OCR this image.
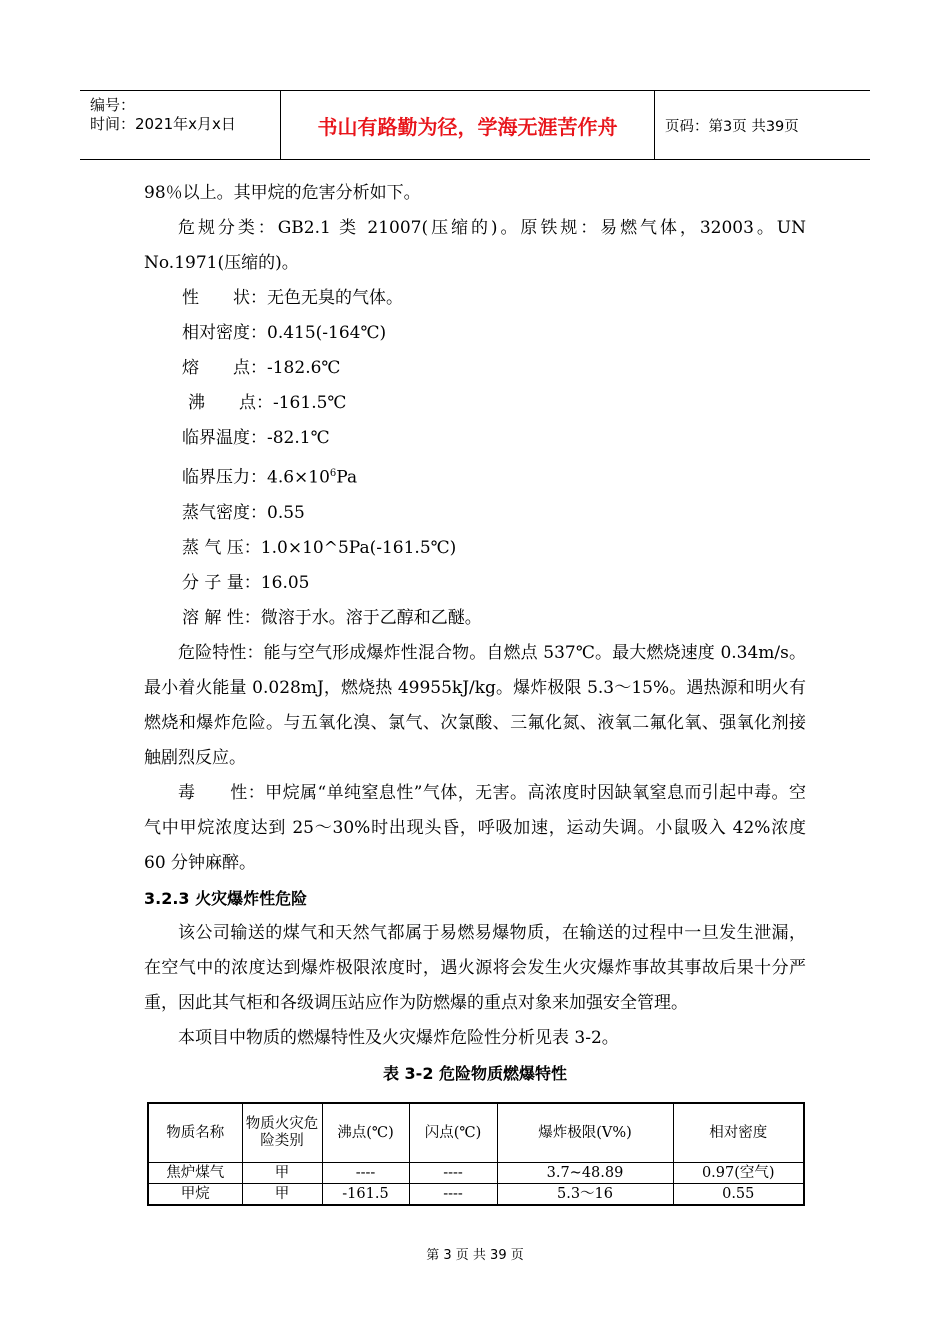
编号：
时间：2021年x月x日	书山有路勤为径，学海无涯苦作舟	页码：第3页 共39页

98％以上。其甲烷的危害分析如下。

危规分类：GB2.1 类 21007(压缩的)。原铁规：易燃气体，32003。UN No.1971(压缩的)。

性　　状：无色无臭的气体。

相对密度：0.415(-164℃)

熔　　点：-182.6℃

沸　　点：-161.5℃

临界温度：-82.1℃

临界压力：$4.6\times 10^6Pa$

蒸气密度：0.55

蒸 气 压：1.0×10^5Pa(-161.5℃)

分 子 量：16.05

溶 解 性：微溶于水。溶于乙醇和乙醚。

危险特性：能与空气形成爆炸性混合物。自燃点 537℃。最大燃烧速度 0.34m/s。最小着火能量 0.028mJ，燃烧热 49955kJ/kg。爆炸极限 5.3～15%。遇热源和明火有燃烧和爆炸危险。与五氧化溴、氯气、次氯酸、三氟化氮、液氧二氟化氧、强氧化剂接触剧烈反应。

毒　　性：甲烷属“单纯窒息性”气体，无害。高浓度时因缺氧窒息而引起中毒。空气中甲烷浓度达到 25～30%时出现头昏，呼吸加速，运动失调。小鼠吸入 42%浓度 60 分钟麻醉。

3.2.3 火灾爆炸性危险

该公司输送的煤气和天然气都属于易燃易爆物质，在输送的过程中一旦发生泄漏，在空气中的浓度达到爆炸极限浓度时，遇火源将会发生火灾爆炸事故其事故后果十分严重，因此其气柜和各级调压站应作为防燃爆的重点对象来加强安全管理。

本项目中物质的燃爆特性及火灾爆炸危险性分析见表 3-2。

表 3-2 危险物质燃爆特性

物质名称	物质火灾危险类别	沸点(℃)	闪点(℃)	爆炸极限(V%)	相对密度
焦炉煤气	甲	----	----	3.7~48.89	0.97(空气)
甲烷	甲	-161.5	----	5.3～16	0.55
第 3 页 共 39 页
